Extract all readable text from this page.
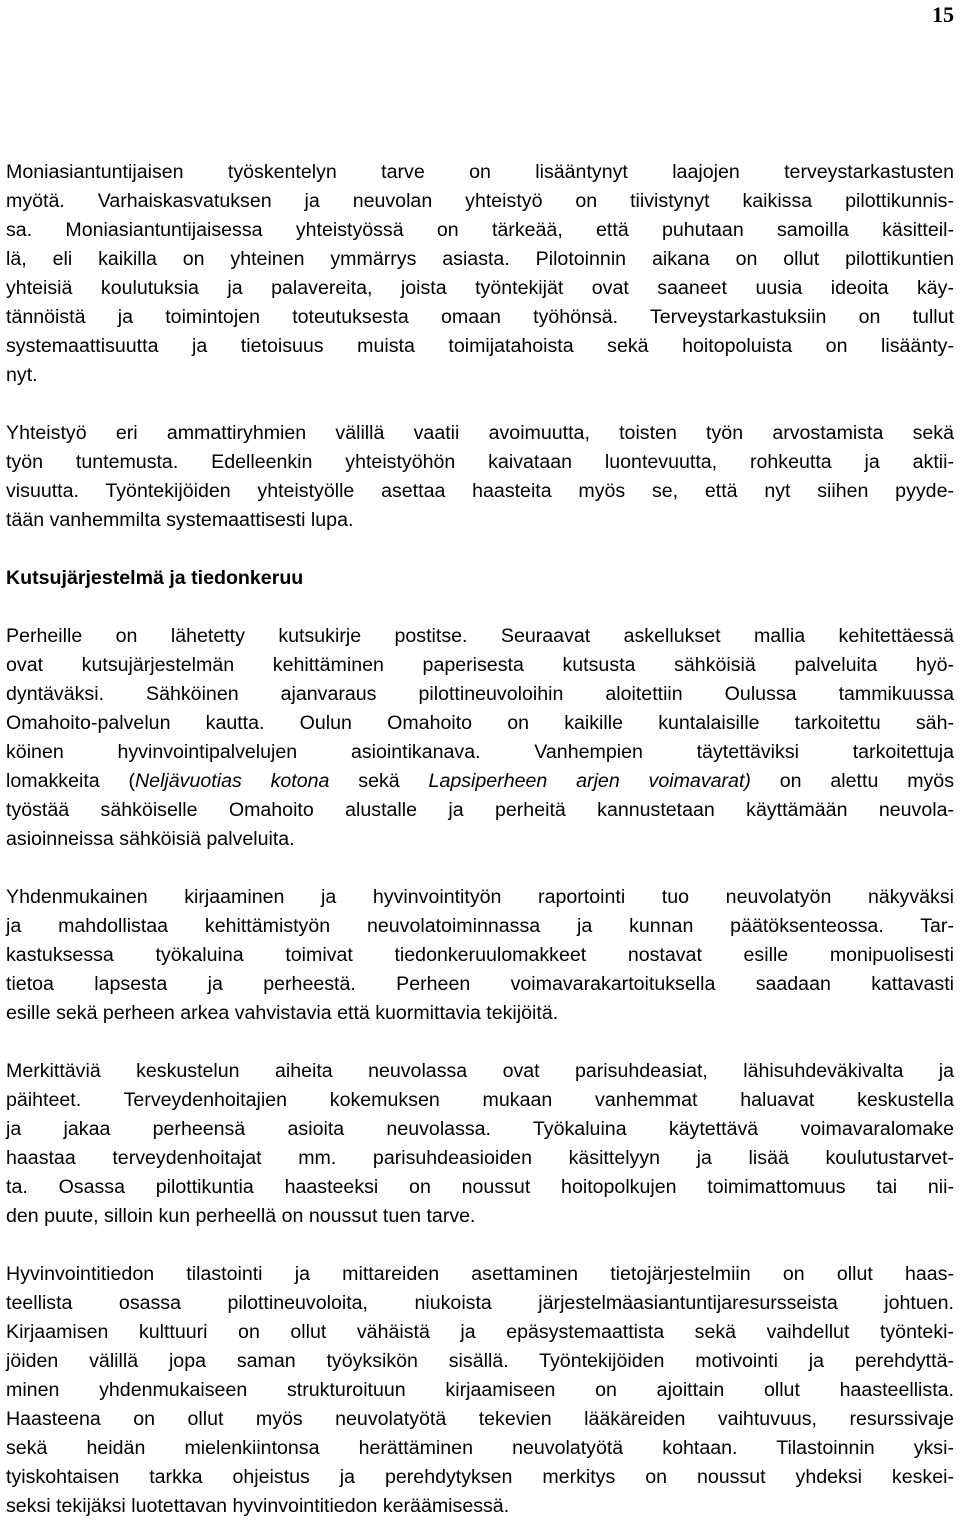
15
Moniasiantuntijaisen työskentelyn tarve on lisääntynyt laajojen terveystarkastusten
myötä. Varhaiskasvatuksen ja neuvolan yhteistyö on tiivistynyt kaikissa pilottikunnis-
sa. Moniasiantuntijaisessa yhteistyössä on tärkeää, että puhutaan samoilla käsitteil-
lä, eli kaikilla on yhteinen ymmärrys asiasta. Pilotoinnin aikana on ollut pilottikuntien
yhteisiä koulutuksia ja palavereita, joista työntekijät ovat saaneet uusia ideoita käy-
tännöistä ja toimintojen toteutuksesta omaan työhönsä. Terveystarkastuksiin on tullut
systemaattisuutta ja tietoisuus muista toimijatahoista sekä hoitopoluista on lisäänty-
nyt.
Yhteistyö eri ammattiryhmien välillä vaatii avoimuutta, toisten työn arvostamista sekä
työn tuntemusta. Edelleenkin yhteistyöhön kaivataan luontevuutta, rohkeutta ja aktii-
visuutta. Työntekijöiden yhteistyölle asettaa haasteita myös se, että nyt siihen pyyde-
tään vanhemmilta systemaattisesti lupa.
Kutsujärjestelmä ja tiedonkeruu
Perheille on lähetetty kutsukirje postitse. Seuraavat askellukset mallia kehitettäessä
ovat kutsujärjestelmän kehittäminen paperisesta kutsusta sähköisiä palveluita hyö-
dyntäväksi. Sähköinen ajanvaraus pilottineuvoloihin aloitettiin Oulussa tammikuussa
Omahoito-palvelun kautta. Oulun Omahoito on kaikille kuntalaisille tarkoitettu säh-
köinen hyvinvointipalvelujen asiointikanava. Vanhempien täytettäviksi tarkoitettuja
lomakkeita (Neljävuotias kotona sekä Lapsiperheen arjen voimavarat) on alettu myös
työstää sähköiselle Omahoito alustalle ja perheitä kannustetaan käyttämään neuvola-
asioinneissa sähköisiä palveluita.
Yhdenmukainen kirjaaminen ja hyvinvointityön raportointi tuo neuvolatyön näkyväksi
ja mahdollistaa kehittämistyön neuvolatoiminnassa ja kunnan päätöksenteossa. Tar-
kastuksessa työkaluina toimivat tiedonkeruulomakkeet nostavat esille monipuolisesti
tietoa lapsesta ja perheestä. Perheen voimavarakartoituksella saadaan kattavasti
esille sekä perheen arkea vahvistavia että kuormittavia tekijöitä.
Merkittäviä keskustelun aiheita neuvolassa ovat parisuhdeasiat, lähisuhdeväkivalta ja
päihteet. Terveydenhoitajien kokemuksen mukaan vanhemmat haluavat keskustella
ja jakaa perheensä asioita neuvolassa. Työkaluina käytettävä voimavaralomake
haastaa terveydenhoitajat mm. parisuhdeasioiden käsittelyyn ja lisää koulutustarvet-
ta. Osassa pilottikuntia haasteeksi on noussut hoitopolkujen toimimattomuus tai nii-
den puute, silloin kun perheellä on noussut tuen tarve.
Hyvinvointitiedon tilastointi ja mittareiden asettaminen tietojärjestelmiin on ollut haas-
teellista osassa pilottineuvoloita, niukoista järjestelmäasiantuntijaresursseista johtuen.
Kirjaamisen kulttuuri on ollut vähäistä ja epäsystemaattista sekä vaihdellut työnteki-
jöiden välillä jopa saman työyksikön sisällä. Työntekijöiden motivointi ja perehdyttä-
minen yhdenmukaiseen strukturoituun kirjaamiseen on ajoittain ollut haasteellista.
Haasteena on ollut myös neuvolatyötä tekevien lääkäreiden vaihtuvuus, resurssivaje
sekä heidän mielenkiintonsa herättäminen neuvolatyötä kohtaan. Tilastoinnin yksi-
tyiskohtaisen tarkka ohjeistus ja perehdytyksen merkitys on noussut yhdeksi keskei-
seksi tekijäksi luotettavan hyvinvointitiedon keräämisessä.
